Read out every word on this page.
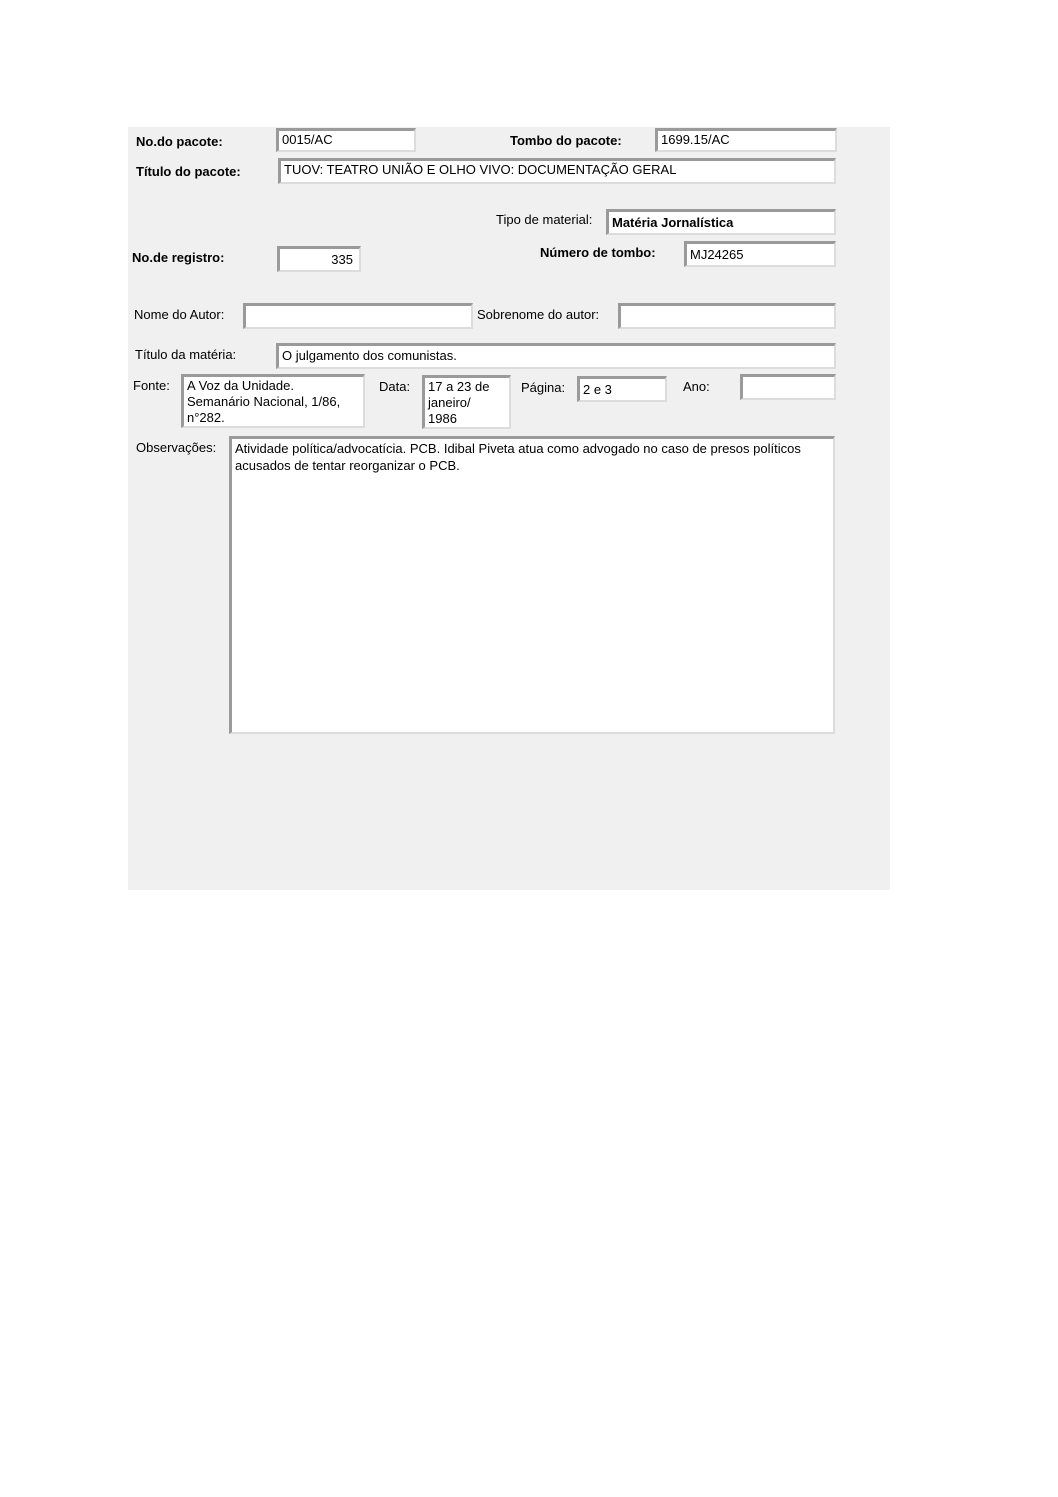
No.do pacote:	0015/AC	Tombo do pacote:	1699.15/AC
Título do pacote:	TUOV: TEATRO UNIÃO E OLHO VIVO: DOCUMENTAÇÃO GERAL
Tipo de material:	Matéria Jornalística
No.de registro:	335	Número de tombo:	MJ24265
Nome do Autor:	Sobrenome do autor:
Título da matéria:	O julgamento dos comunistas.
Fonte:	A Voz da Unidade.
Semanário Nacional, 1/86,
n°282.
Data:	17 a 23 de
janeiro/
1986
Página:	2 e 3	Ano:
Observações:	Atividade política/advocatícia. PCB. Idibal Piveta atua como advogado no caso de presos políticos acusados de tentar reorganizar o PCB.
